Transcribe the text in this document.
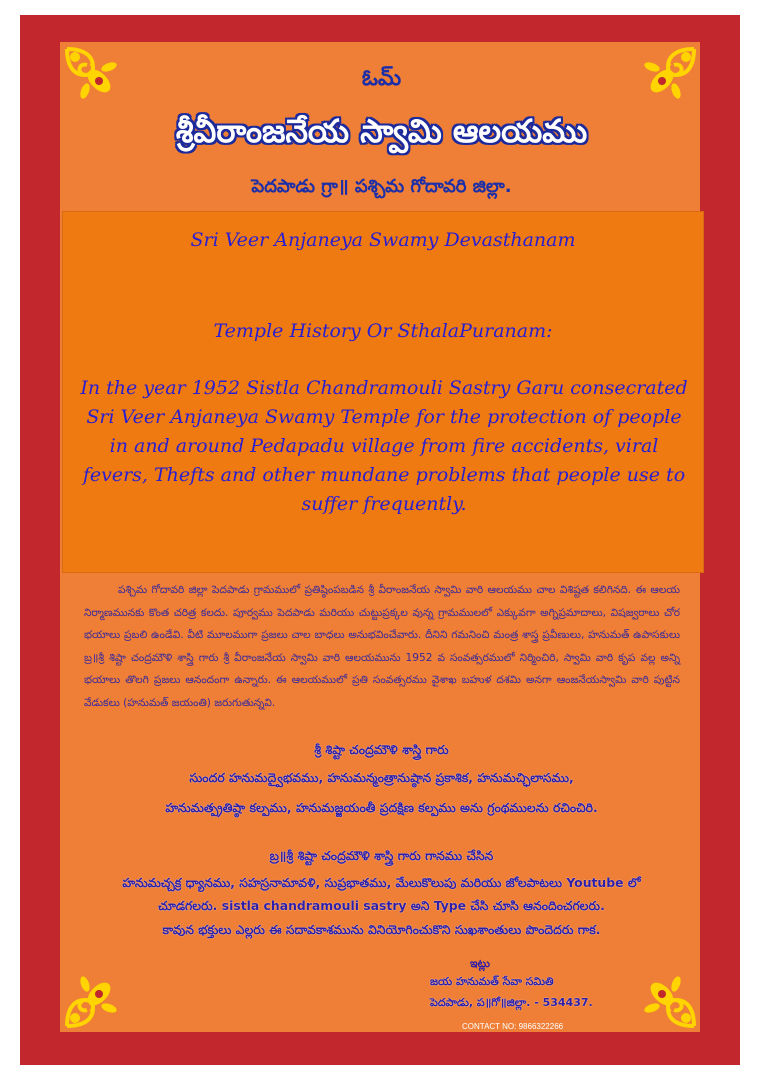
ఓమ్
శ్రీవీరాంజనేయ స్వామి ఆలయము
పెదపాడు గ్రా॥ పశ్చిమ గోదావరి జిల్లా.
Sri Veer Anjaneya Swamy Devasthanam
Temple History Or SthalaPuranam:
In the year 1952 Sistla Chandramouli Sastry Garu consecrated Sri Veer Anjaneya Swamy Temple for the protection of people in and around Pedapadu village from fire accidents, viral fevers, Thefts and other mundane problems that people use to suffer frequently.
పశ్చిమ గోదావరి జిల్లా పెదపాడు గ్రామములో ప్రతిష్ఠింపబడిన శ్రీ వీరాంజనేయ స్వామి వారి ఆలయము చాల విశిష్టత కలిగినది. ఈ ఆలయ నిర్మాణమునకు కొంత చరిత్ర కలదు. పూర్వము పెదపాడు మరియు చుట్టుప్రక్కల వున్న గ్రామములలో ఎక్కువగా అగ్నిప్రమాదాలు, విషజ్వరాలు చోర భయాలు ప్రబలి ఉండేవి. వీటి మూలముగా ప్రజలు చాల బాధలు అనుభవించేవారు. దీనిని గమనించి మంత్ర శాస్త్ర ప్రవీణులు, హనుమత్ ఉపాసకులు బ్ర॥శ్రీ శిష్టా చంద్రమౌళి శాస్త్రి గారు శ్రీ వీరాంజనేయ స్వామి వారి ఆలయమును 1952 వ సంవత్సరములో నిర్మించిరి, స్వామి వారి కృప వల్ల అన్ని భయాలు తొలగి ప్రజలు ఆనందంగా ఉన్నారు. ఈ ఆలయములో ప్రతి సంవత్సరము వైశాఖ బహుళ దశమి అనగా ఆంజనేయస్వామి వారి పుట్టిన వేడుకలు (హనుమత్ జయంతి) జరుగుతున్నవి.
శ్రీ శిష్టా చంద్రమౌళి శాస్త్రి గారు
సుందర హనుమద్వైభవము, హనుమన్మంత్రానుష్ఠాన ప్రకాశిక, హనుమచ్ఛిలాసము,
హనుమత్ప్రతిష్ఠా కల్పము, హనుమజ్జయంతీ ప్రదక్షిణ కల్పము అను గ్రంథములను రచించిరి.
బ్ర॥శ్రీ శిష్టా చంద్రమౌళి శాస్త్రి గారు గానము చేసిన
హనుమచ్చక్ర ధ్యానము, సహస్రనామావళి, సుప్రభాతము, మేలుకొలుపు మరియు జోలపాటలు Youtube లో
చూడగలరు. sistla chandramouli sastry అని Type చేసి చూసి ఆనందించగలరు.
కావున భక్తులు ఎల్లరు ఈ సదావకాశమును వినియోగించుకొని సుఖశాంతులు పొందెదరు గాక.
ఇట్లు
జయ హనుమత్ సేవా సమితి
పెదపాడు, ప॥గో॥జిల్లా. - 534437.
CONTACT NO: 9866322266
